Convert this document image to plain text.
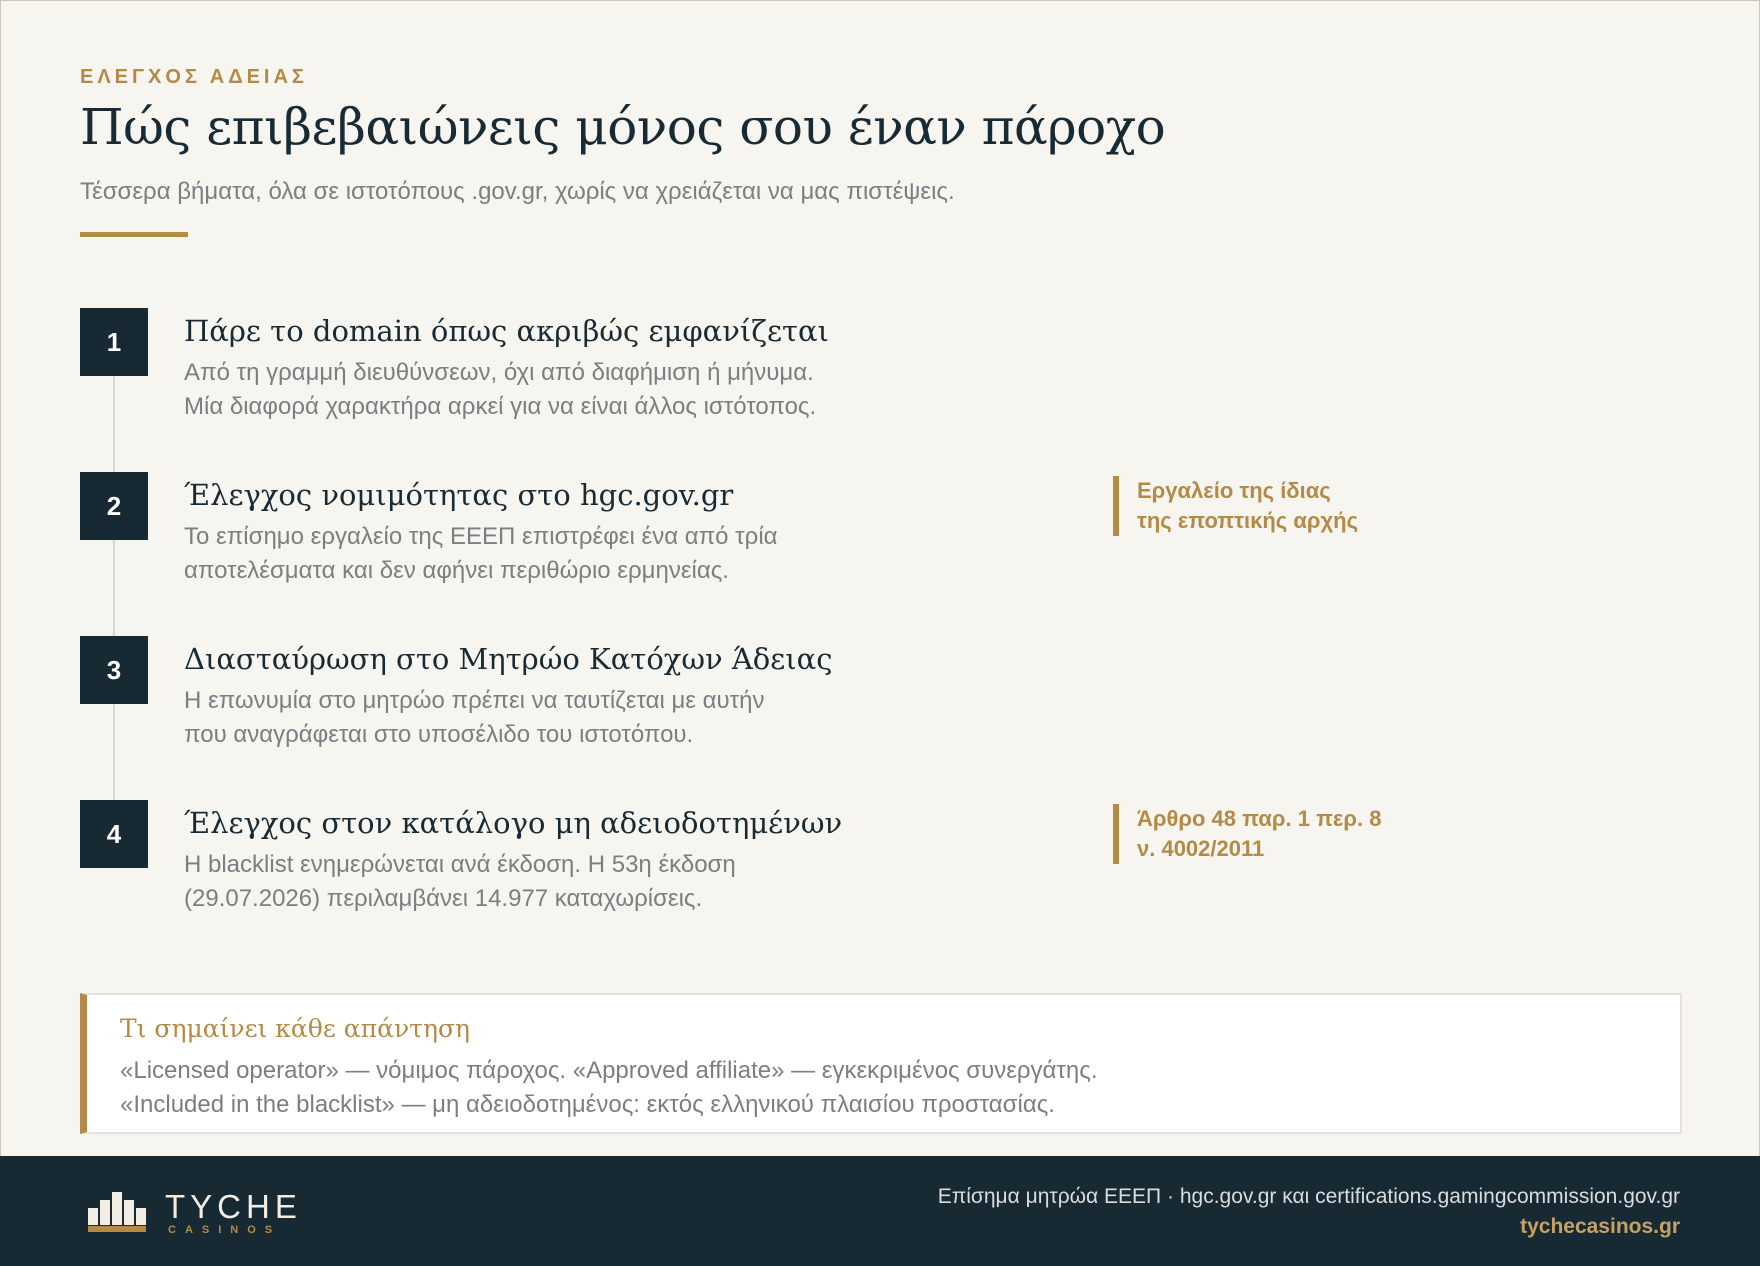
ΕΛΕΓΧΟΣ ΑΔΕΙΑΣ
Πώς επιβεβαιώνεις μόνος σου έναν πάροχο
Τέσσερα βήματα, όλα σε ιστοτόπους .gov.gr, χωρίς να χρειάζεται να μας πιστέψεις.
1	Πάρε το domain όπως ακριβώς εμφανίζεται
Από τη γραμμή διευθύνσεων, όχι από διαφήμιση ή μήνυμα.
Μία διαφορά χαρακτήρα αρκεί για να είναι άλλος ιστότοπος.
2	Έλεγχος νομιμότητας στο hgc.gov.gr
Το επίσημο εργαλείο της ΕΕΕΠ επιστρέφει ένα από τρία
αποτελέσματα και δεν αφήνει περιθώριο ερμηνείας.
Εργαλείο της ίδιας
της εποπτικής αρχής
3	Διασταύρωση στο Μητρώο Κατόχων Άδειας
Η επωνυμία στο μητρώο πρέπει να ταυτίζεται με αυτήν
που αναγράφεται στο υποσέλιδο του ιστοτόπου.
4	Έλεγχος στον κατάλογο μη αδειοδοτημένων
Η blacklist ενημερώνεται ανά έκδοση. Η 53η έκδοση
(29.07.2026) περιλαμβάνει 14.977 καταχωρίσεις.
Άρθρο 48 παρ. 1 περ. 8
ν. 4002/2011
Τι σημαίνει κάθε απάντηση
«Licensed operator» — νόμιμος πάροχος. «Approved affiliate» — εγκεκριμένος συνεργάτης.
«Included in the blacklist» — μη αδειοδοτημένος: εκτός ελληνικού πλαισίου προστασίας.
TYCHE
CASINOS
Επίσημα μητρώα ΕΕΕΠ · hgc.gov.gr και certifications.gamingcommission.gov.gr
tychecasinos.gr
